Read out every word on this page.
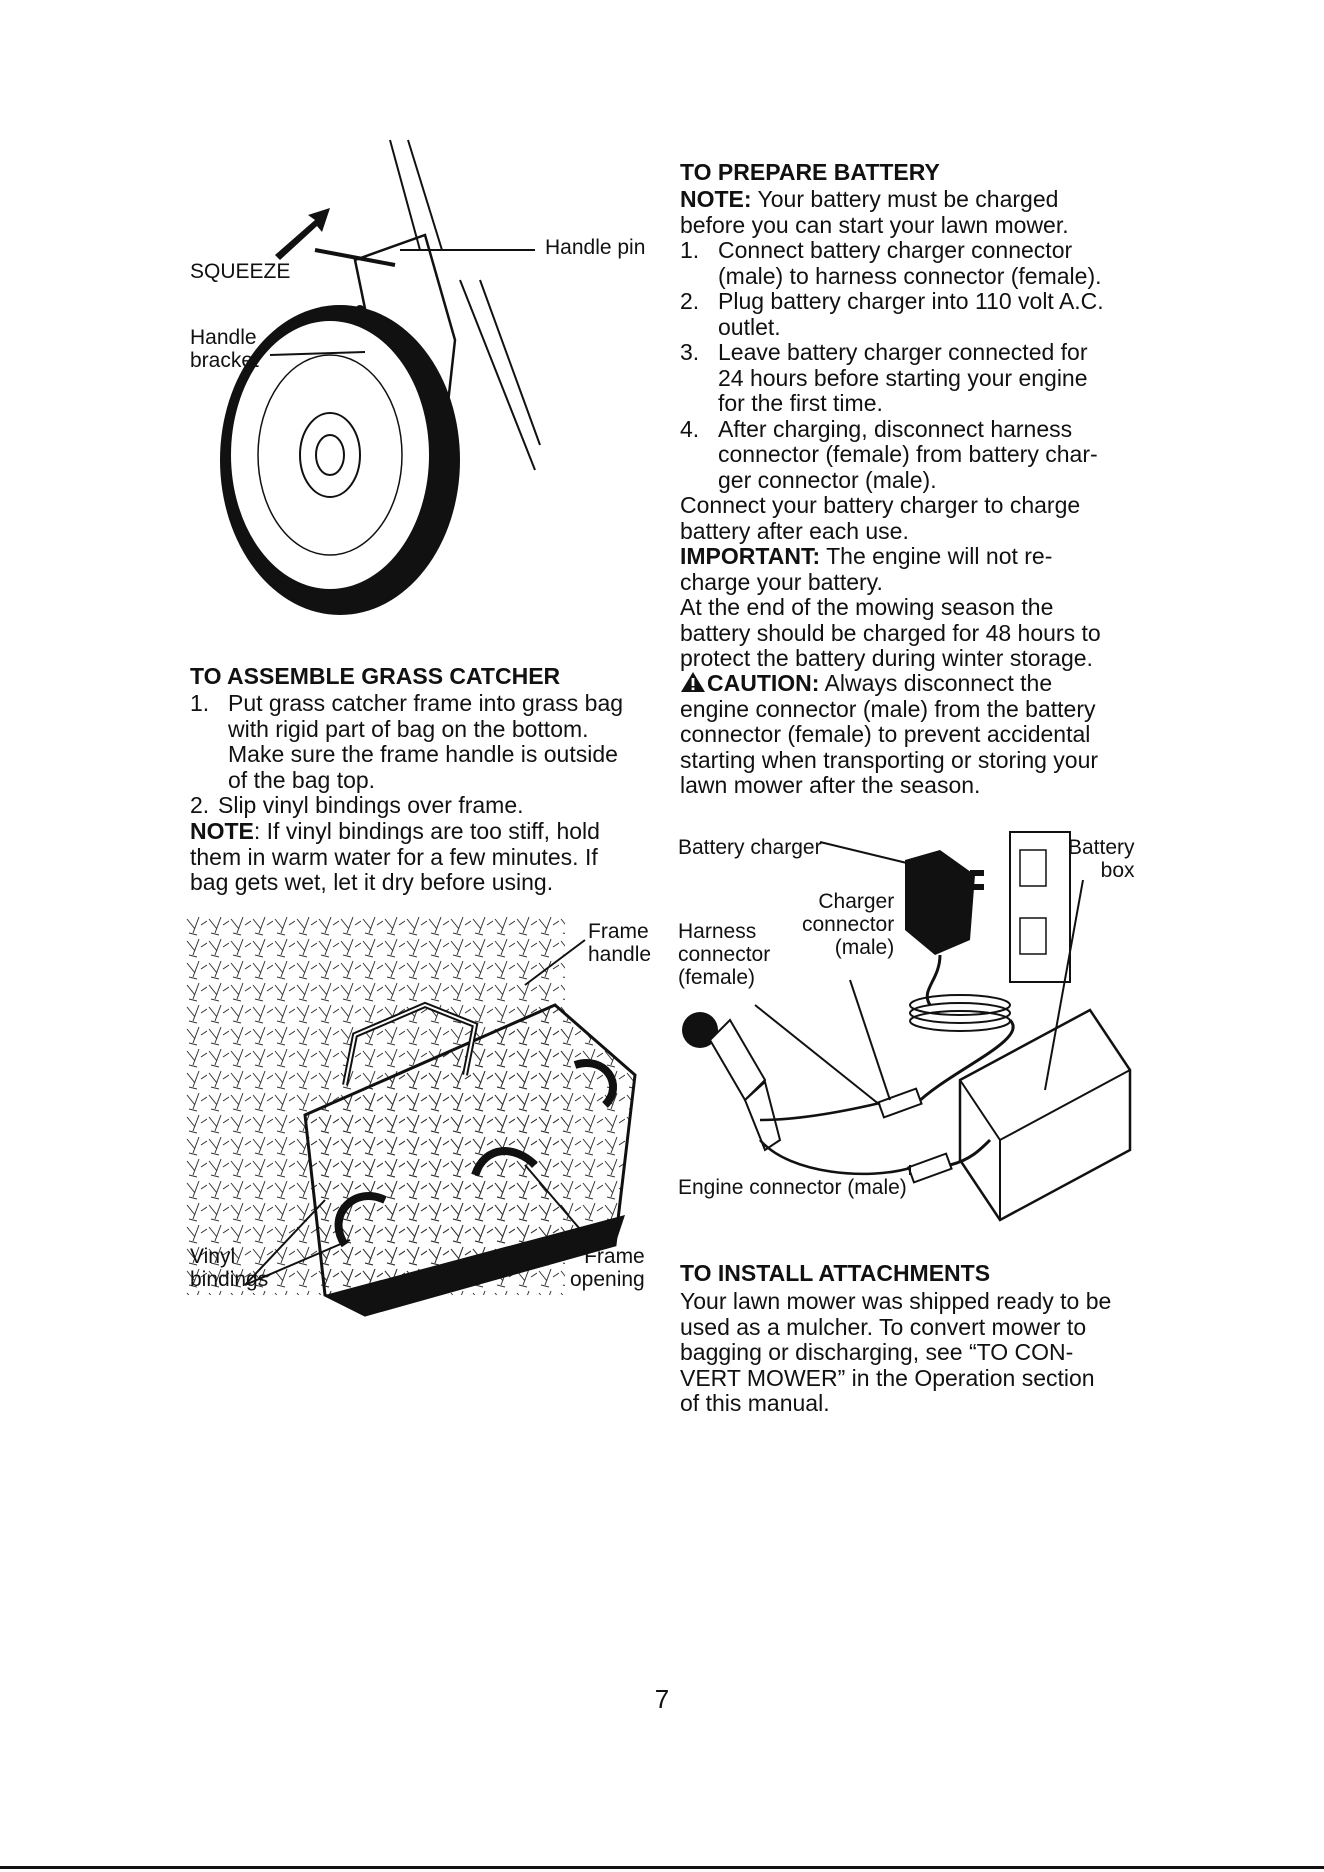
SQUEEZE
Handle pin
Handle
bracket
TO ASSEMBLE GRASS CATCHER
1. Put grass catcher frame into grass bag
with rigid part of bag on the bottom.
Make sure the frame handle is outside
of the bag top.
2. Slip vinyl bindings over frame.
NOTE: If vinyl bindings are too stiff, hold
them in warm water for a few minutes. If
bag gets wet, let it dry before using.
Frame
handle
Vinyl
bindings
Frame
opening
TO PREPARE BATTERY
NOTE: Your battery must be charged
before you can start your lawn mower.
1. Connect battery charger connector
(male) to harness connector (female).
2. Plug battery charger into 110 volt A.C.
outlet.
3. Leave battery charger connected for
24 hours before starting your engine
for the first time.
4. After charging, disconnect harness
connector (female) from battery char-
ger connector (male).
Connect your battery charger to charge
battery after each use.
IMPORTANT: The engine will not re-
charge your battery.
At the end of the mowing season the
battery should be charged for 48 hours to
protect the battery during winter storage.
CAUTION: Always disconnect the
engine connector (male) from the battery
connector (female) to prevent accidental
starting when transporting or storing your
lawn mower after the season.
Battery charger	Battery
box
Charger
connector
(male)
Harness
connector
(female)
Engine connector (male)
TO INSTALL ATTACHMENTS
Your lawn mower was shipped ready to be
used as a mulcher. To convert mower to
bagging or discharging, see “TO CON-
VERT MOWER” in the Operation section
of this manual.
7
